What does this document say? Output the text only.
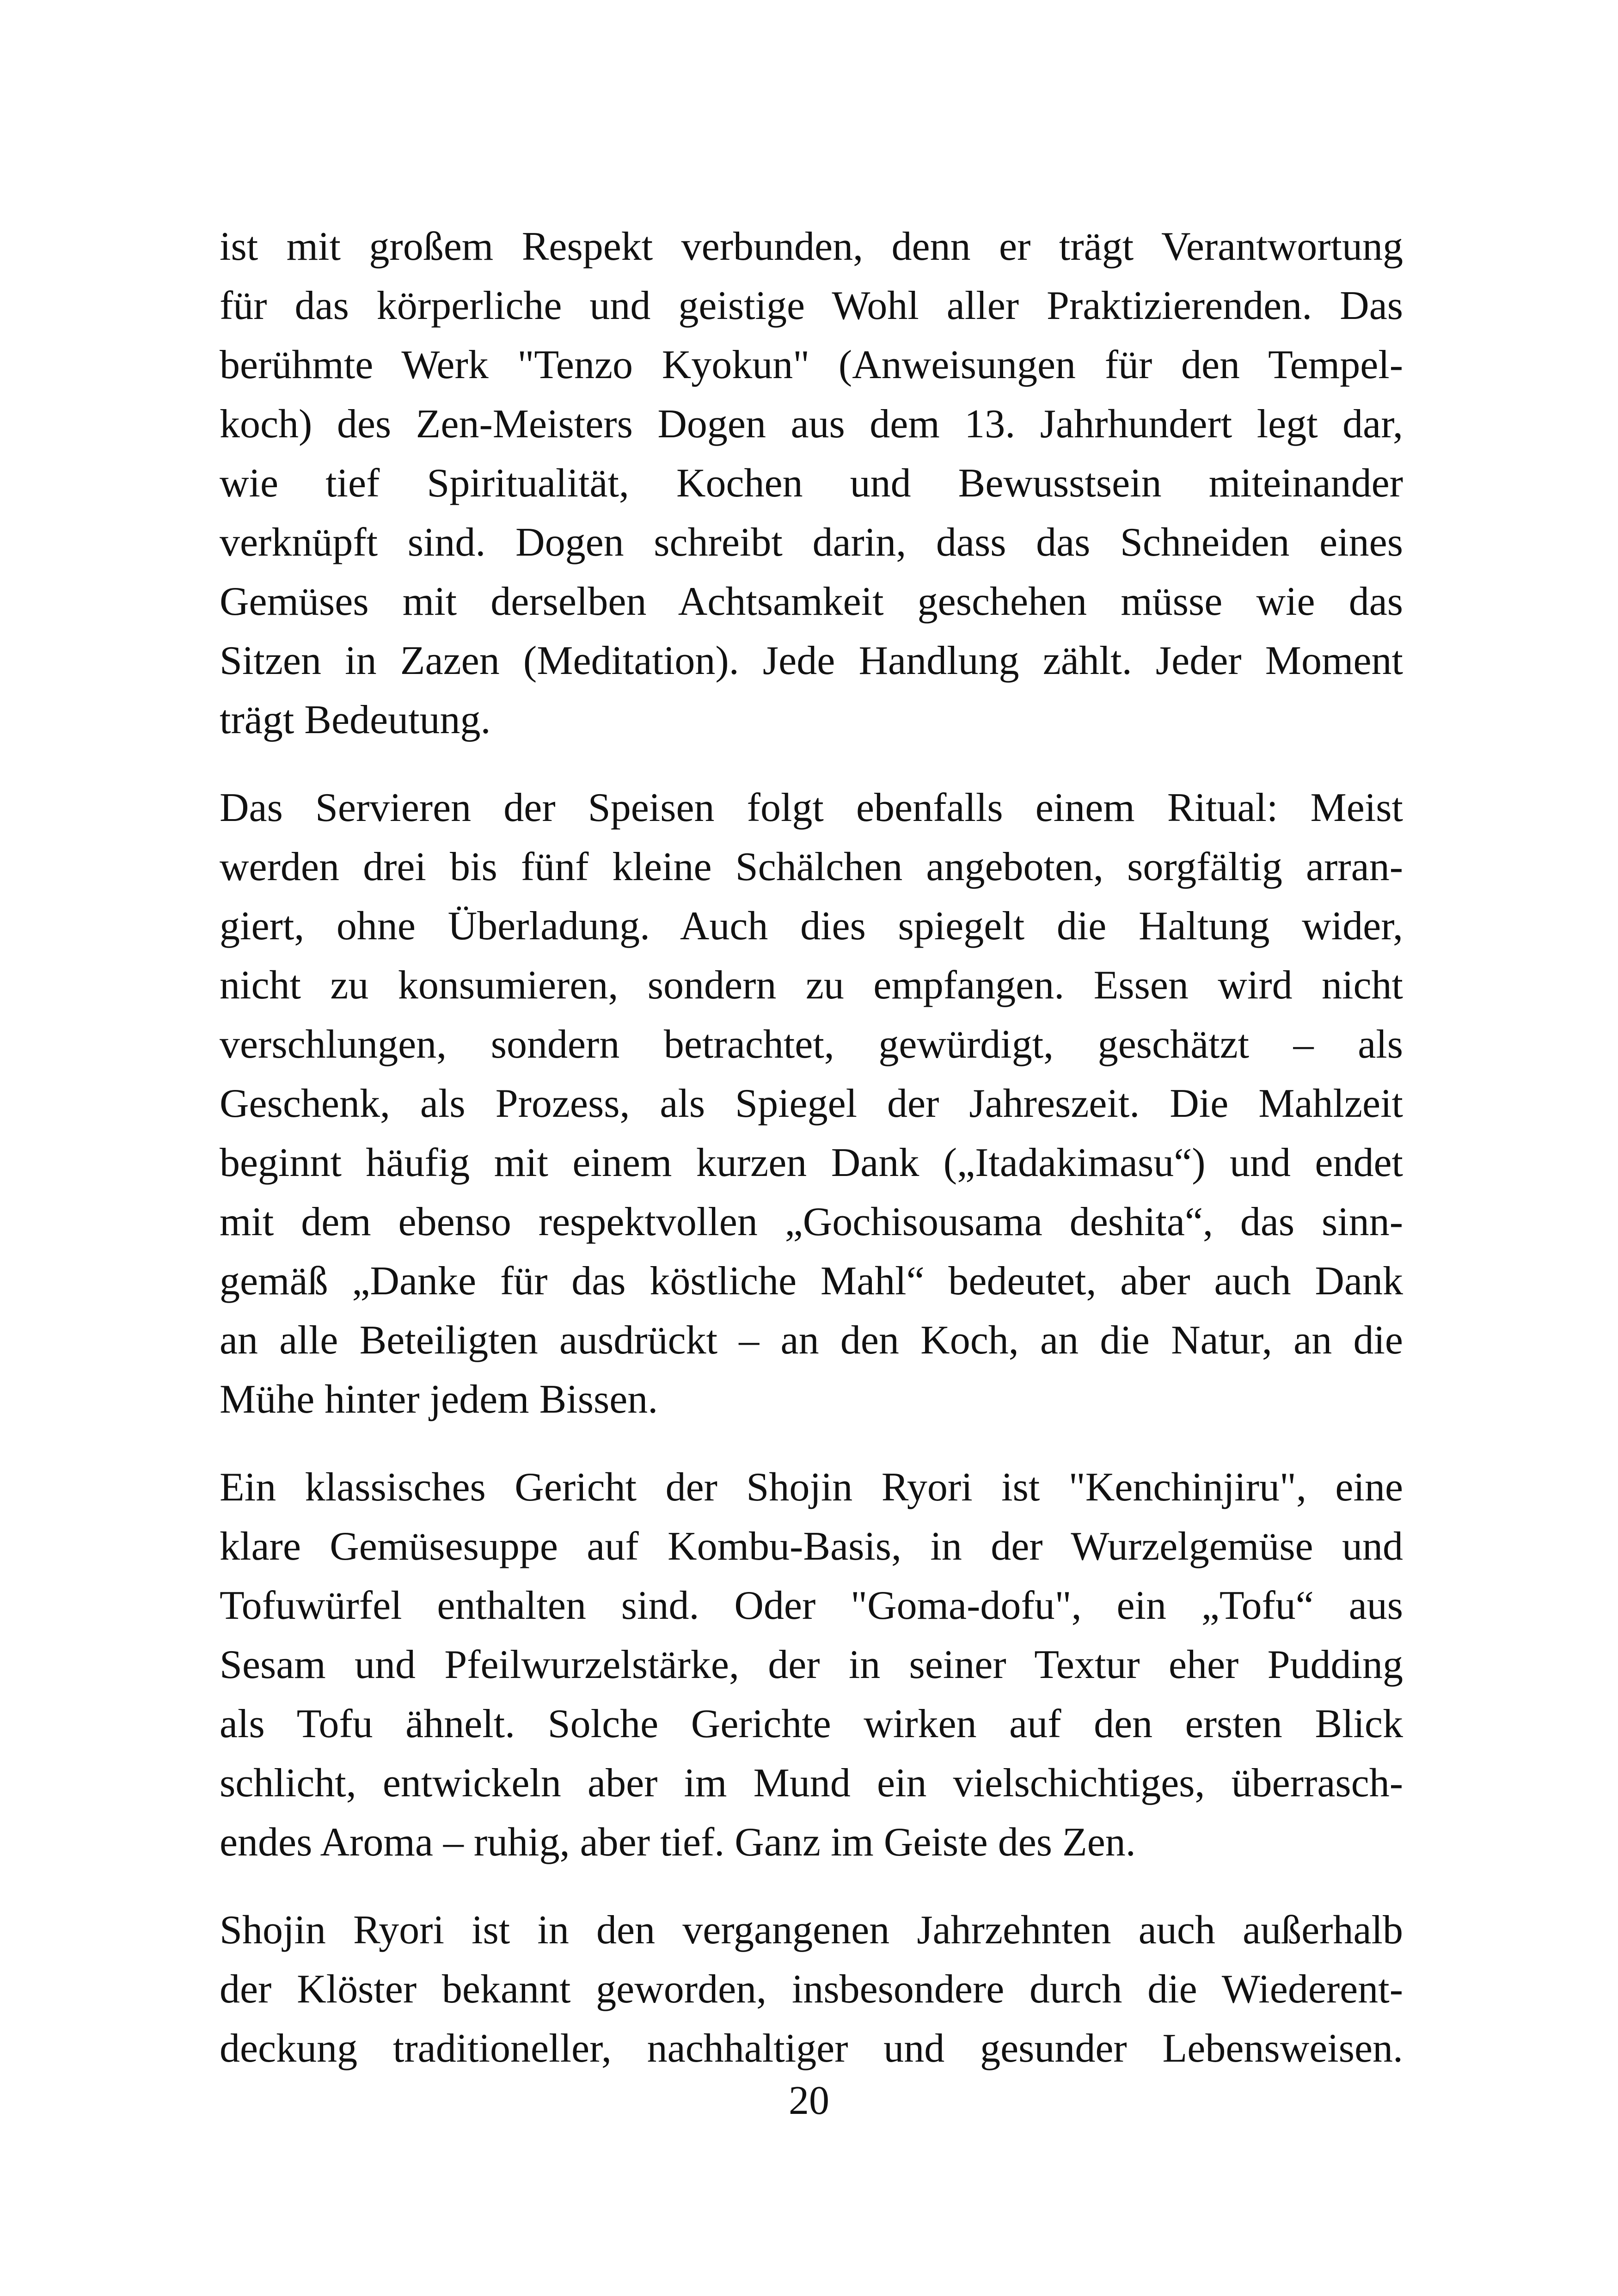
ist mit großem Respekt verbunden, denn er trägt Verantwortung
für das körperliche und geistige Wohl aller Praktizierenden. Das
berühmte Werk "Tenzo Kyokun" (Anweisungen für den Tempel-
koch) des Zen-Meisters Dogen aus dem 13. Jahrhundert legt dar,
wie tief Spiritualität, Kochen und Bewusstsein miteinander
verknüpft sind. Dogen schreibt darin, dass das Schneiden eines
Gemüses mit derselben Achtsamkeit geschehen müsse wie das
Sitzen in Zazen (Meditation). Jede Handlung zählt. Jeder Moment
trägt Bedeutung.

Das Servieren der Speisen folgt ebenfalls einem Ritual: Meist
werden drei bis fünf kleine Schälchen angeboten, sorgfältig arran-
giert, ohne Überladung. Auch dies spiegelt die Haltung wider,
nicht zu konsumieren, sondern zu empfangen. Essen wird nicht
verschlungen, sondern betrachtet, gewürdigt, geschätzt – als
Geschenk, als Prozess, als Spiegel der Jahreszeit. Die Mahlzeit
beginnt häufig mit einem kurzen Dank („Itadakimasu“) und endet
mit dem ebenso respektvollen „Gochisousama deshita“, das sinn-
gemäß „Danke für das köstliche Mahl“ bedeutet, aber auch Dank
an alle Beteiligten ausdrückt – an den Koch, an die Natur, an die
Mühe hinter jedem Bissen.

Ein klassisches Gericht der Shojin Ryori ist "Kenchinjiru", eine
klare Gemüsesuppe auf Kombu-Basis, in der Wurzelgemüse und
Tofuwürfel enthalten sind. Oder "Goma-dofu", ein „Tofu“ aus
Sesam und Pfeilwurzelstärke, der in seiner Textur eher Pudding
als Tofu ähnelt. Solche Gerichte wirken auf den ersten Blick
schlicht, entwickeln aber im Mund ein vielschichtiges, überrasch-
endes Aroma – ruhig, aber tief. Ganz im Geiste des Zen.

Shojin Ryori ist in den vergangenen Jahrzehnten auch außerhalb
der Klöster bekannt geworden, insbesondere durch die Wiederent-
deckung traditioneller, nachhaltiger und gesunder Lebensweisen.

20
